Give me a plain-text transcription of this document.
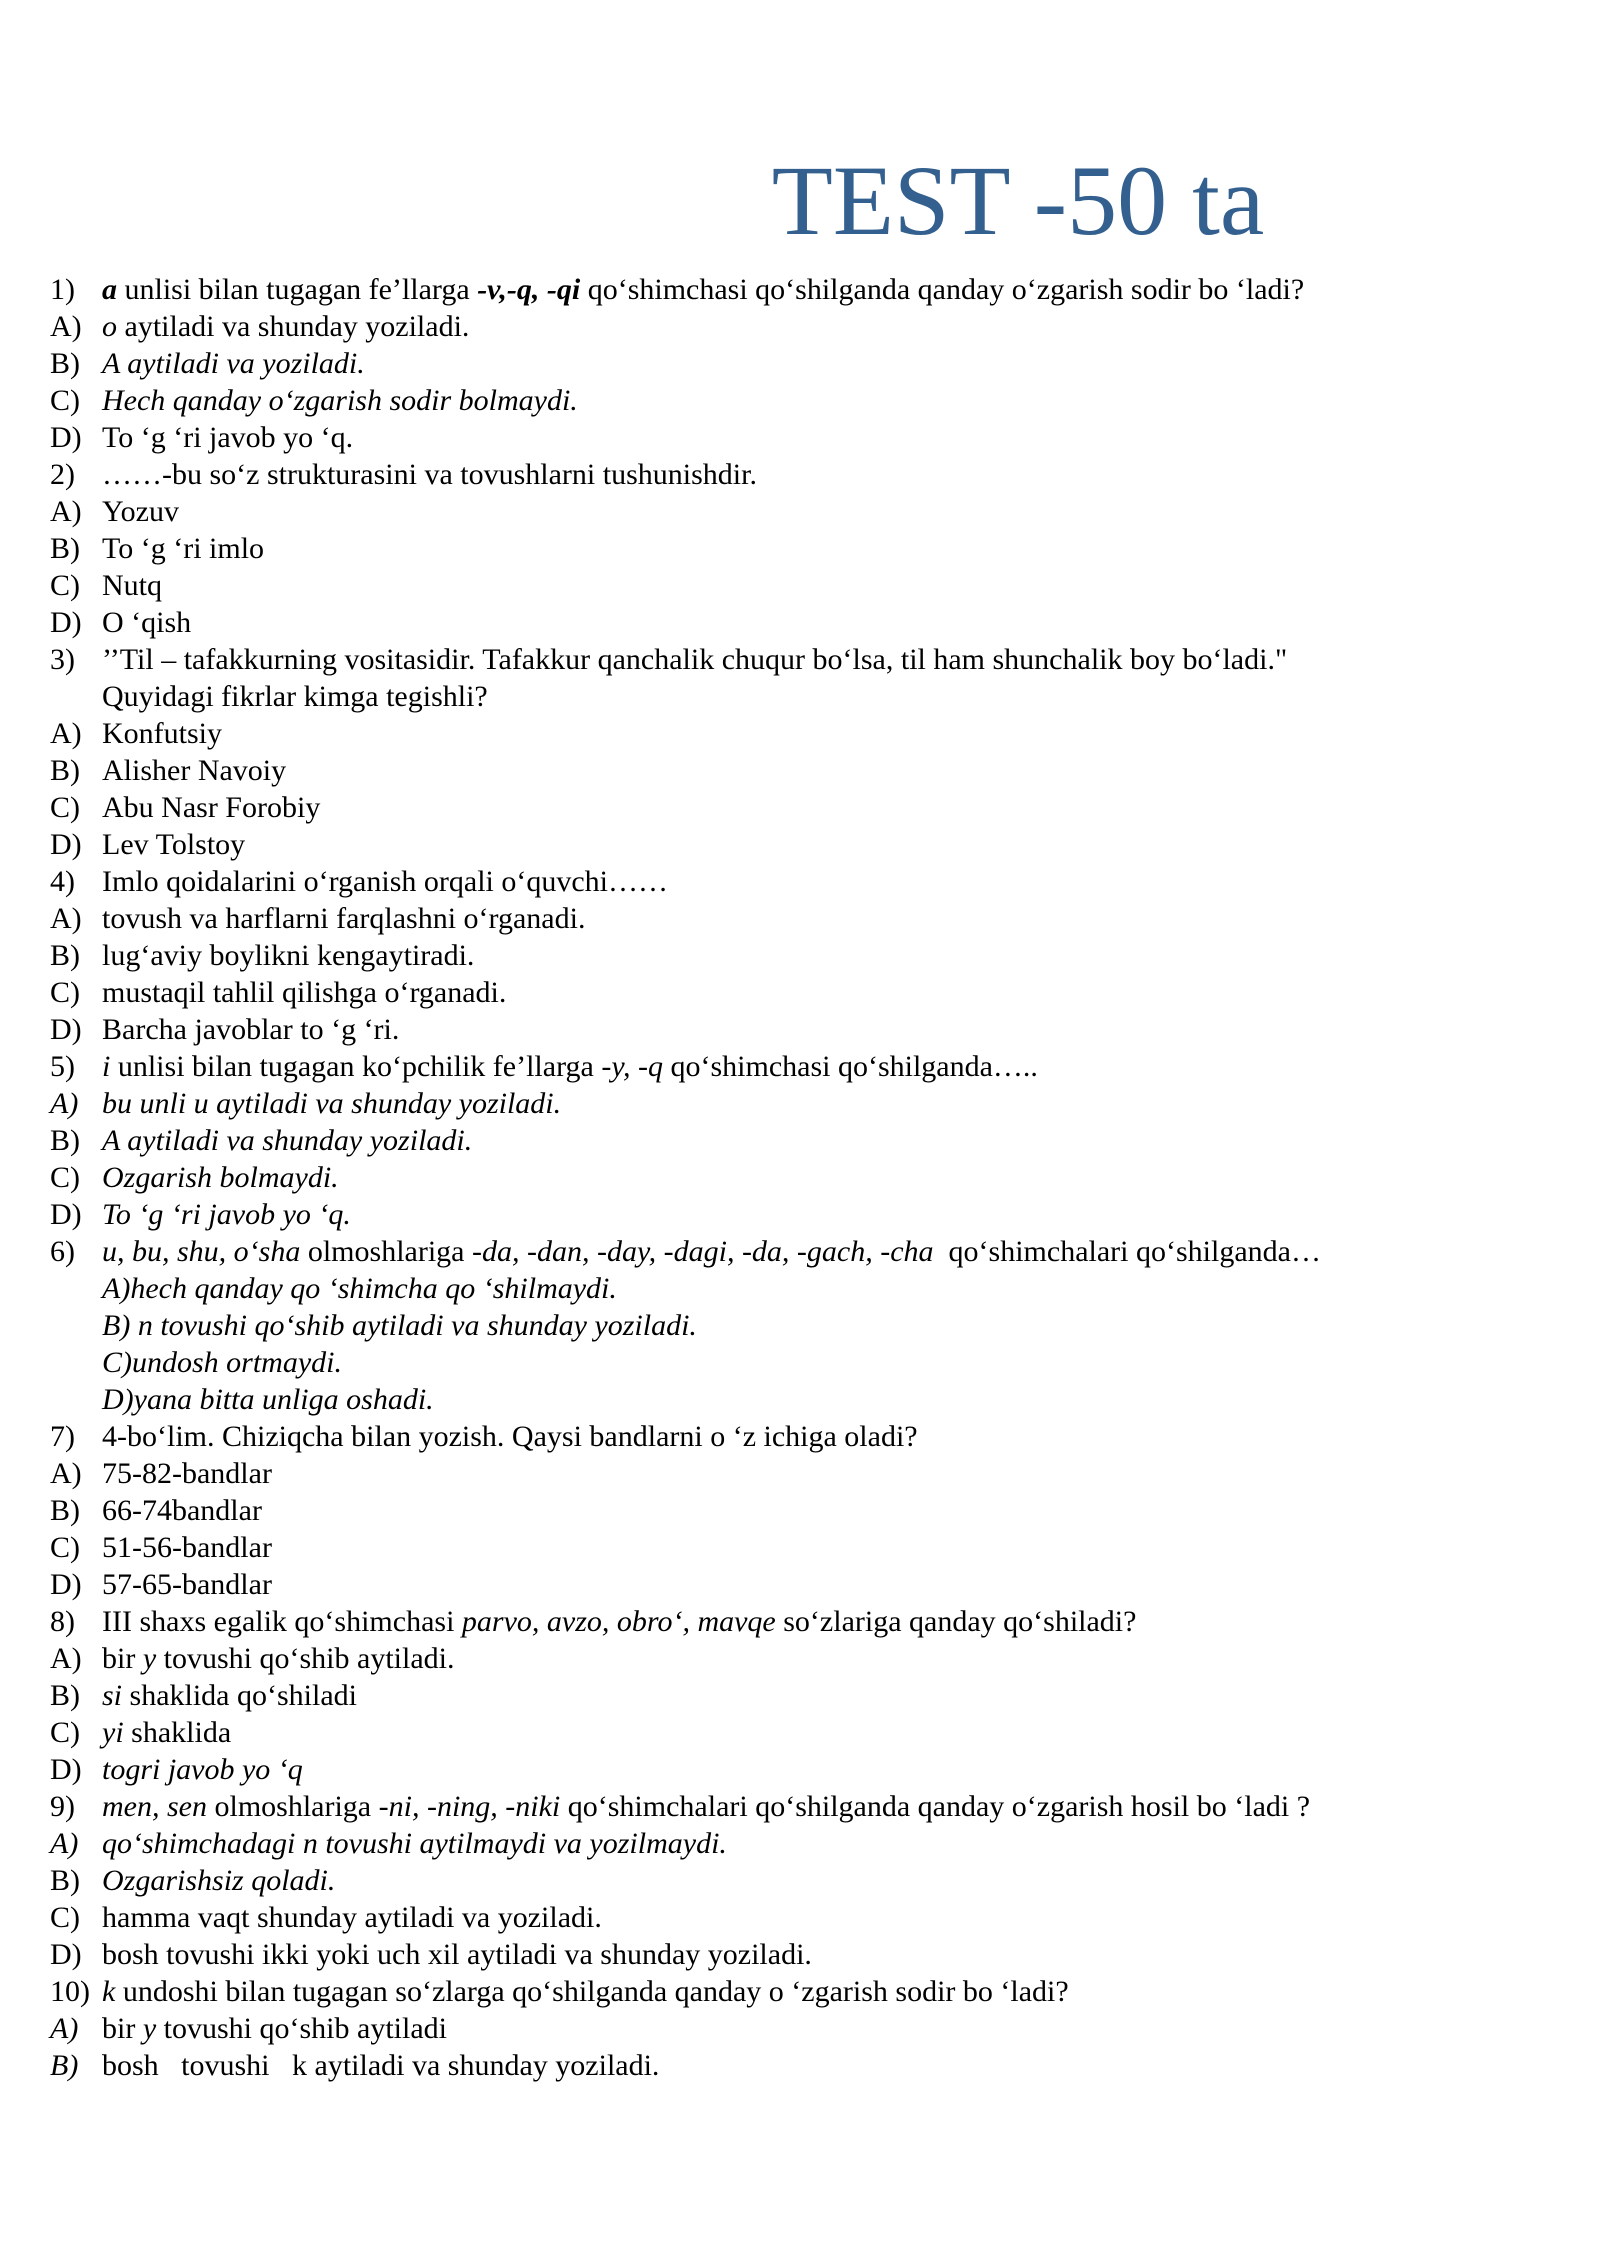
TEST -50 ta
1) a unlisi bilan tugagan fe’llarga -v,-q, -qi qo‘shimchasi qo‘shilganda qanday o‘zgarish sodir bo ‘ladi?
A) o aytiladi va shunday yoziladi.
B) A aytiladi va yoziladi.
C) Hech qanday o‘zgarish sodir bolmaydi.
D) To ‘g ‘ri javob yo ‘q.
2) ……-bu so‘z strukturasini va tovushlarni tushunishdir.
A) Yozuv
B) To ‘g ‘ri imlo
C) Nutq
D) O ‘qish
3) ’’Til – tafakkurning vositasidir. Tafakkur qanchalik chuqur bo‘lsa, til ham shunchalik boy bo‘ladi."
Quyidagi fikrlar kimga tegishli?
A) Konfutsiy
B) Alisher Navoiy
C) Abu Nasr Forobiy
D) Lev Tolstoy
4) Imlo qoidalarini o‘rganish orqali o‘quvchi……
A) tovush va harflarni farqlashni o‘rganadi.
B) lug‘aviy boylikni kengaytiradi.
C) mustaqil tahlil qilishga o‘rganadi.
D) Barcha javoblar to ‘g ‘ri.
5) i unlisi bilan tugagan ko‘pchilik fe’llarga -y, -q qo‘shimchasi qo‘shilganda…..
A) bu unli u aytiladi va shunday yoziladi.
B) A aytiladi va shunday yoziladi.
C) Ozgarish bolmaydi.
D) To ‘g ‘ri javob yo ‘q.
6) u, bu, shu, o‘sha olmoshlariga -da, -dan, -day, -dagi, -da, -gach, -cha  qo‘shimchalari qo‘shilganda…
A)hech qanday qo ‘shimcha qo ‘shilmaydi.
B) n tovushi qo‘shib aytiladi va shunday yoziladi.
C)undosh ortmaydi.
D)yana bitta unliga oshadi.
7) 4-bo‘lim. Chiziqcha bilan yozish. Qaysi bandlarni o ‘z ichiga oladi?
A) 75-82-bandlar
B) 66-74bandlar
C) 51-56-bandlar
D) 57-65-bandlar
8) III shaxs egalik qo‘shimchasi parvo, avzo, obro‘, mavqe so‘zlariga qanday qo‘shiladi?
A) bir y tovushi qo‘shib aytiladi.
B) si shaklida qo‘shiladi
C) yi shaklida
D) togri javob yo ‘q
9) men, sen olmoshlariga -ni, -ning, -niki qo‘shimchalari qo‘shilganda qanday o‘zgarish hosil bo ‘ladi ?
A) qo‘shimchadagi n tovushi aytilmaydi va yozilmaydi.
B) Ozgarishsiz qoladi.
C) hamma vaqt shunday aytiladi va yoziladi.
D) bosh tovushi ikki yoki uch xil aytiladi va shunday yoziladi.
10) k undoshi bilan tugagan so‘zlarga qo‘shilganda qanday o ‘zgarish sodir bo ‘ladi?
A) bir y tovushi qo‘shib aytiladi
B) bosh   tovushi   k aytiladi va shunday yoziladi.
